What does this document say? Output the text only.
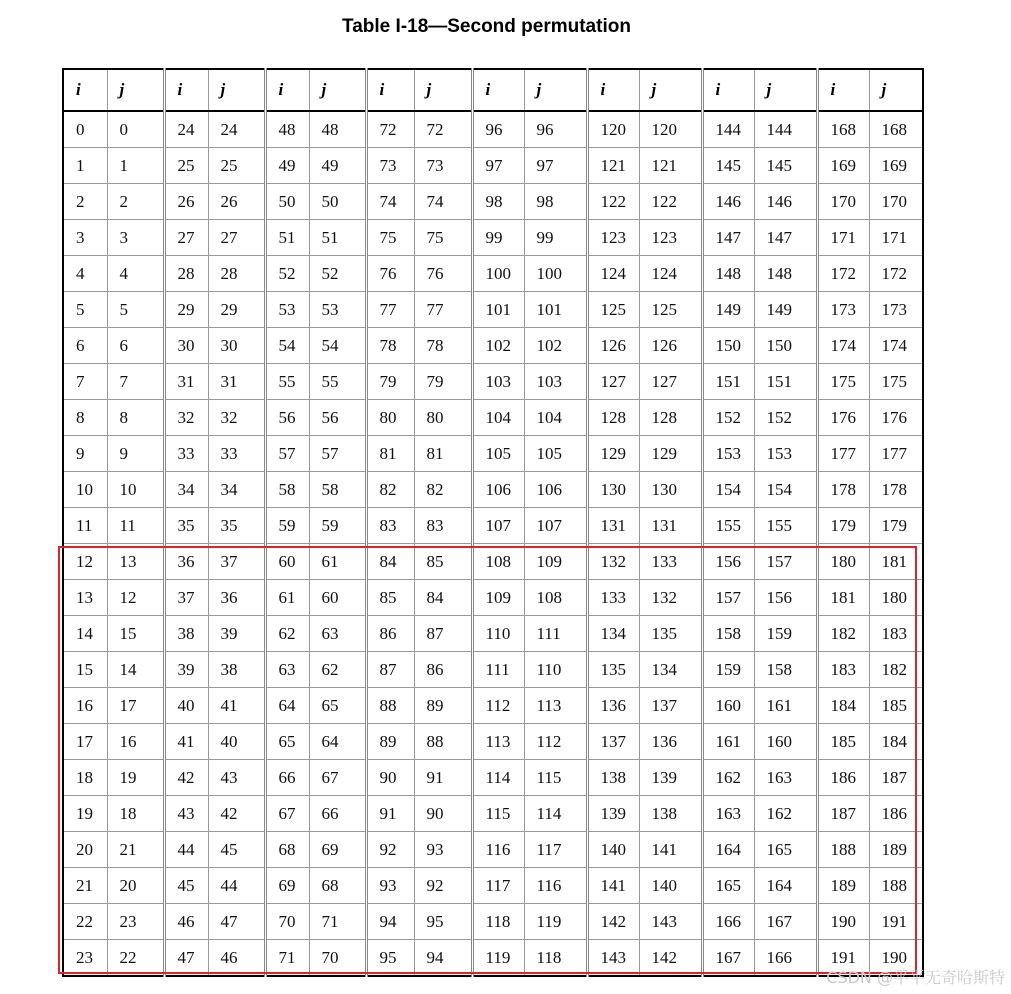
Table I-18—Second permutation
i	j	i	j	i	j	i	j	i	j	i	j	i	j	i	j
0	0	24	24	48	48	72	72	96	96	120	120	144	144	168	168
1	1	25	25	49	49	73	73	97	97	121	121	145	145	169	169
2	2	26	26	50	50	74	74	98	98	122	122	146	146	170	170
3	3	27	27	51	51	75	75	99	99	123	123	147	147	171	171
4	4	28	28	52	52	76	76	100	100	124	124	148	148	172	172
5	5	29	29	53	53	77	77	101	101	125	125	149	149	173	173
6	6	30	30	54	54	78	78	102	102	126	126	150	150	174	174
7	7	31	31	55	55	79	79	103	103	127	127	151	151	175	175
8	8	32	32	56	56	80	80	104	104	128	128	152	152	176	176
9	9	33	33	57	57	81	81	105	105	129	129	153	153	177	177
10	10	34	34	58	58	82	82	106	106	130	130	154	154	178	178
11	11	35	35	59	59	83	83	107	107	131	131	155	155	179	179
12	13	36	37	60	61	84	85	108	109	132	133	156	157	180	181
13	12	37	36	61	60	85	84	109	108	133	132	157	156	181	180
14	15	38	39	62	63	86	87	110	111	134	135	158	159	182	183
15	14	39	38	63	62	87	86	111	110	135	134	159	158	183	182
16	17	40	41	64	65	88	89	112	113	136	137	160	161	184	185
17	16	41	40	65	64	89	88	113	112	137	136	161	160	185	184
18	19	42	43	66	67	90	91	114	115	138	139	162	163	186	187
19	18	43	42	67	66	91	90	115	114	139	138	163	162	187	186
20	21	44	45	68	69	92	93	116	117	140	141	164	165	188	189
21	20	45	44	69	68	93	92	117	116	141	140	165	164	189	188
22	23	46	47	70	71	94	95	118	119	142	143	166	167	190	191
23	22	47	46	71	70	95	94	119	118	143	142	167	166	191	190
CSDN @平平无奇哈斯特
